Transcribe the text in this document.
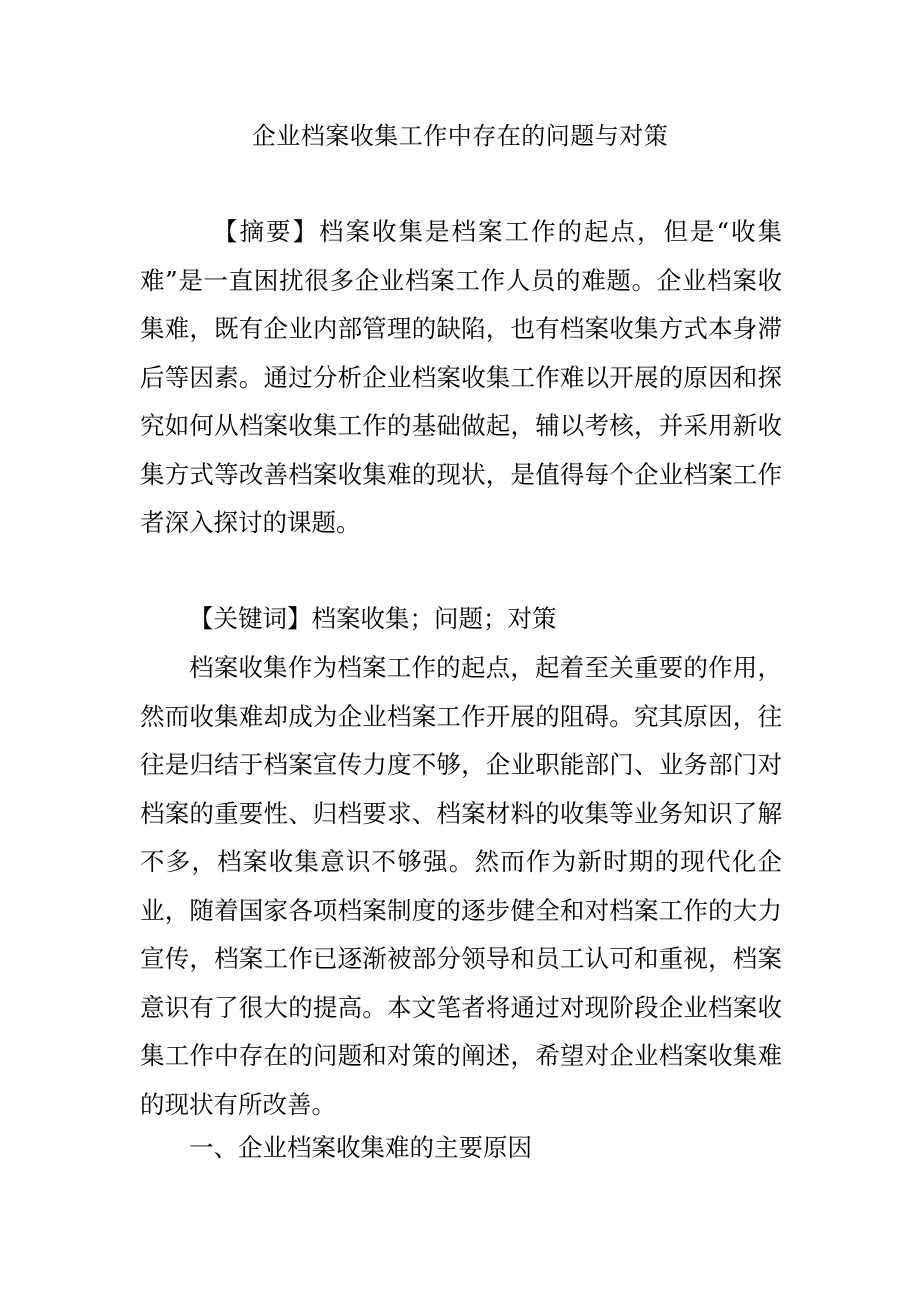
企业档案收集工作中存在的问题与对策

【摘要】档案收集是档案工作的起点，但是“收集难”是一直困扰很多企业档案工作人员的难题。企业档案收集难，既有企业内部管理的缺陷，也有档案收集方式本身滞后等因素。通过分析企业档案收集工作难以开展的原因和探究如何从档案收集工作的基础做起，辅以考核，并采用新收集方式等改善档案收集难的现状，是值得每个企业档案工作者深入探讨的课题。

【关键词】档案收集；问题；对策

档案收集作为档案工作的起点，起着至关重要的作用，然而收集难却成为企业档案工作开展的阻碍。究其原因，往往是归结于档案宣传力度不够，企业职能部门、业务部门对档案的重要性、归档要求、档案材料的收集等业务知识了解不多，档案收集意识不够强。然而作为新时期的现代化企业，随着国家各项档案制度的逐步健全和对档案工作的大力宣传，档案工作已逐渐被部分领导和员工认可和重视，档案意识有了很大的提高。本文笔者将通过对现阶段企业档案收集工作中存在的问题和对策的阐述，希望对企业档案收集难的现状有所改善。

一、企业档案收集难的主要原因
